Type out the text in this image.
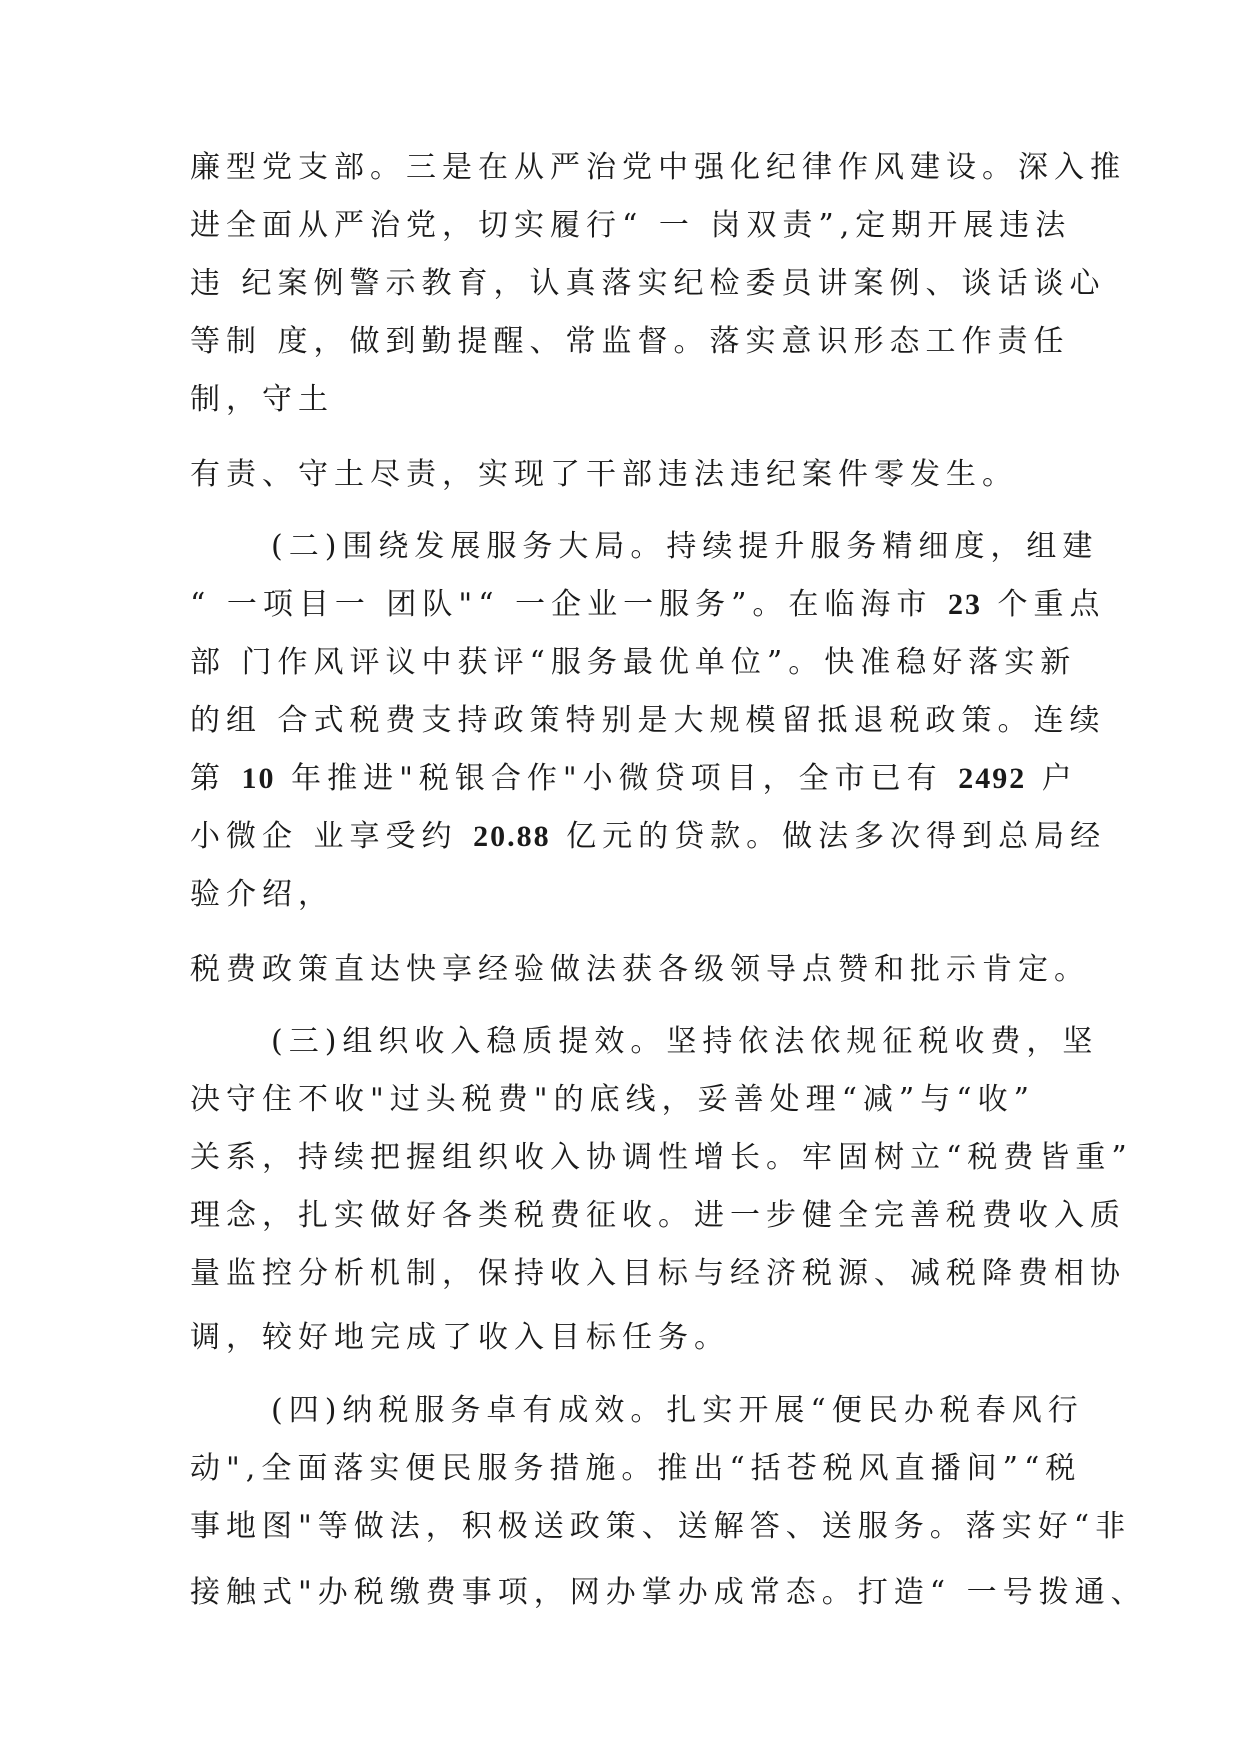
廉型党支部。三是在从严治党中强化纪律作风建设。深入推
进全面从严治党，切实履行“ 一 岗双责”,定期开展违法
违 纪案例警示教育，认真落实纪检委员讲案例、谈话谈心
等制 度，做到勤提醒、常监督。落实意识形态工作责任
制，守土
有责、守土尽责，实现了干部违法违纪案件零发生。
(二)围绕发展服务大局。持续提升服务精细度，组建
“ 一项目一 团队"“ 一企业一服务”。在临海市 23 个重点
部 门作风评议中获评“服务最优单位”。快准稳好落实新
的组 合式税费支持政策特别是大规模留抵退税政策。连续
第 10 年推进"税银合作"小微贷项目，全市已有 2492 户
小微企 业享受约 20.88 亿元的贷款。做法多次得到总局经
验介绍，
税费政策直达快享经验做法获各级领导点赞和批示肯定。
(三)组织收入稳质提效。坚持依法依规征税收费，坚
决守住不收"过头税费"的底线，妥善处理“减”与“收”
关系，持续把握组织收入协调性增长。牢固树立“税费皆重”
理念，扎实做好各类税费征收。进一步健全完善税费收入质
量监控分析机制，保持收入目标与经济税源、减税降费相协
调，较好地完成了收入目标任务。
(四)纳税服务卓有成效。扎实开展“便民办税春风行
动",全面落实便民服务措施。推出“括苍税风直播间”“税
事地图"等做法，积极送政策、送解答、送服务。落实好“非
接触式"办税缴费事项，网办掌办成常态。打造“ 一号拨通、
